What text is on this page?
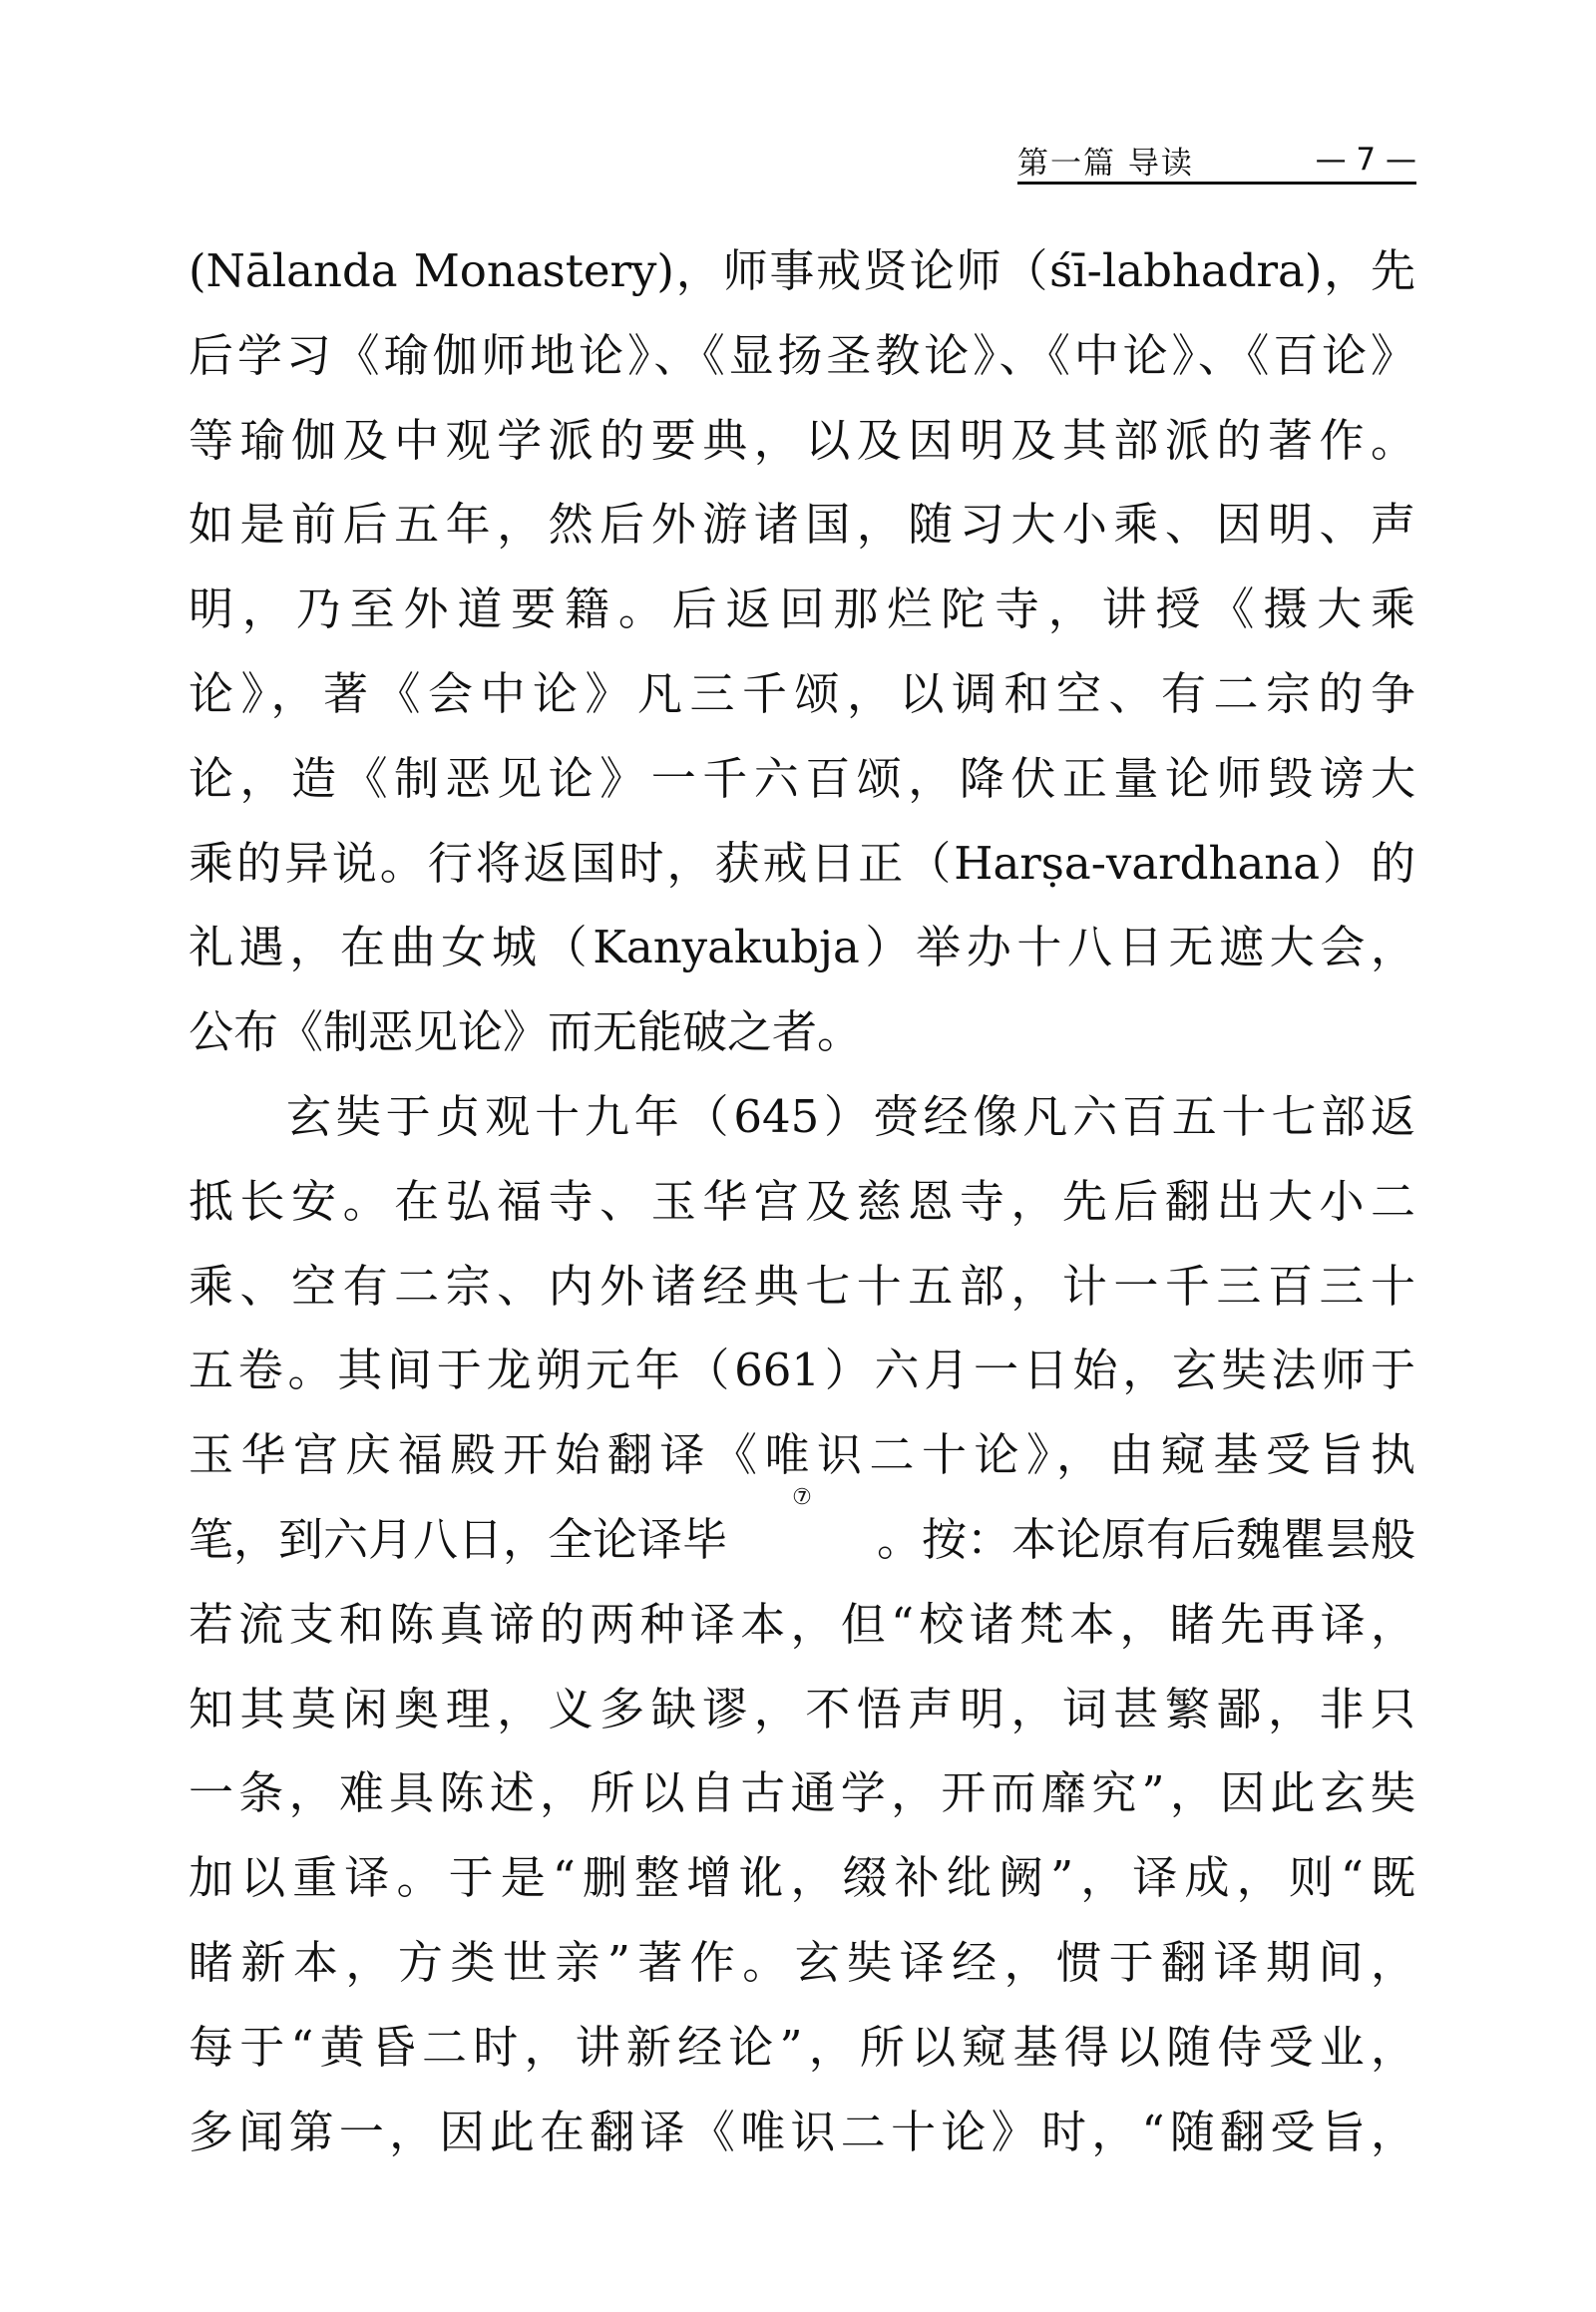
第一篇 导读	— 7 —
(Nālanda Monastery)，师事戒贤论师（śī-labhadra)，先
后学习《瑜伽师地论》、《显扬圣教论》、《中论》、《百论》
等瑜伽及中观学派的要典，以及因明及其部派的著作。
如是前后五年，然后外游诸国，随习大小乘、因明、声
明，乃至外道要籍。后返回那烂陀寺，讲授《摄大乘
论》，著《会中论》凡三千颂，以调和空、有二宗的争
论，造《制恶见论》一千六百颂，降伏正量论师毁谤大
乘的异说。行将返国时，获戒日正（Harṣa-vardhana）的
礼遇，在曲女城（Kanyakubja）举办十八日无遮大会，
公布《制恶见论》而无能破之者。
玄奘于贞观十九年（645）赍经像凡六百五十七部返
抵长安。在弘福寺、玉华宫及慈恩寺，先后翻出大小二
乘、空有二宗、内外诸经典七十五部，计一千三百三十
五卷。其间于龙朔元年（661）六月一日始，玄奘法师于
玉华宫庆福殿开始翻译《唯识二十论》，由窥基受旨执
笔，到六月八日，全论译毕
⑦
。按：本论原有后魏瞿昙般
若流支和陈真谛的两种译本，但“校诸梵本，睹先再译，
知其莫闲奥理，义多缺谬，不悟声明，词甚繁鄙，非只
一条，难具陈述，所以自古通学，开而靡究”，因此玄奘
加以重译。于是“删整增讹，缀补纰阙”，译成，则“既
睹新本，方类世亲”著作。玄奘译经，惯于翻译期间，
每于“黄昏二时，讲新经论”，所以窥基得以随侍受业，
多闻第一，因此在翻译《唯识二十论》时，“随翻受旨，
